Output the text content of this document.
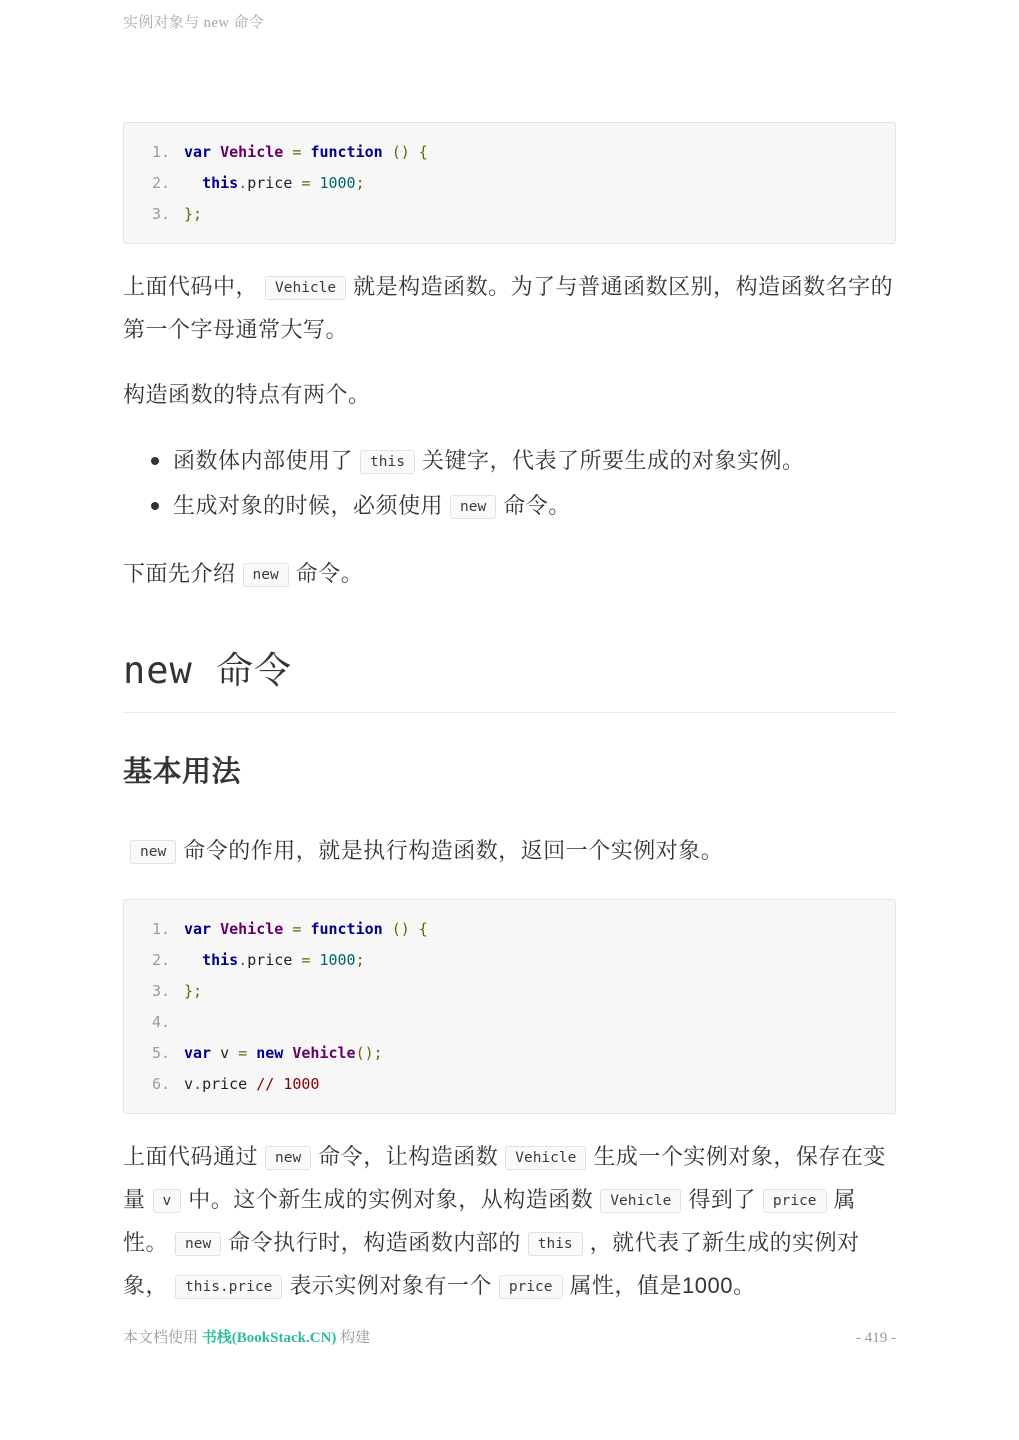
实例对象与 new 命令
var Vehicle = function () {
this.price = 1000;
};

上面代码中， Vehicle 就是构造函数。为了与普通函数区别，构造函数名字的第一个字母通常大写。

构造函数的特点有两个。

函数体内部使用了 this 关键字，代表了所要生成的对象实例。
生成对象的时候，必须使用 new 命令。

下面先介绍 new 命令。

new 命令
基本用法

new 命令的作用，就是执行构造函数，返回一个实例对象。

var Vehicle = function () {
this.price = 1000;
};
var v = new Vehicle();
v.price // 1000

上面代码通过 new 命令，让构造函数 Vehicle 生成一个实例对象，保存在变量 v 中。这个新生成的实例对象，从构造函数 Vehicle 得到了 price 属性。 new 命令执行时，构造函数内部的 this ，就代表了新生成的实例对象， this.price 表示实例对象有一个 price 属性，值是1000。

本文档使用 书栈(BookStack.CN) 构建	- 419 -
